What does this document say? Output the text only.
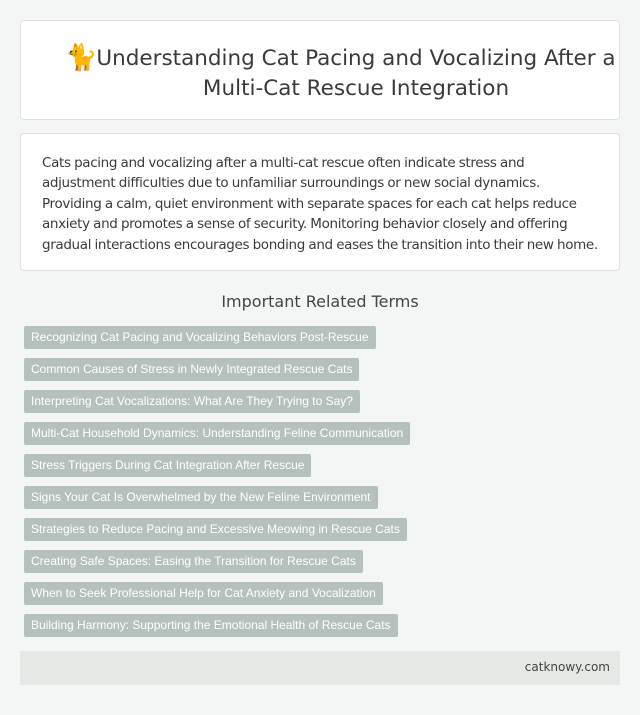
🐈 Understanding Cat Pacing and Vocalizing After a Multi-Cat Rescue Integration

Cats pacing and vocalizing after a multi-cat rescue often indicate stress and adjustment difficulties due to unfamiliar surroundings or new social dynamics. Providing a calm, quiet environment with separate spaces for each cat helps reduce anxiety and promotes a sense of security. Monitoring behavior closely and offering gradual interactions encourages bonding and eases the transition into their new home.

Important Related Terms
Recognizing Cat Pacing and Vocalizing Behaviors Post-Rescue
Common Causes of Stress in Newly Integrated Rescue Cats
Interpreting Cat Vocalizations: What Are They Trying to Say?
Multi-Cat Household Dynamics: Understanding Feline Communication
Stress Triggers During Cat Integration After Rescue
Signs Your Cat Is Overwhelmed by the New Feline Environment
Strategies to Reduce Pacing and Excessive Meowing in Rescue Cats
Creating Safe Spaces: Easing the Transition for Rescue Cats
When to Seek Professional Help for Cat Anxiety and Vocalization
Building Harmony: Supporting the Emotional Health of Rescue Cats
catknowy.com
